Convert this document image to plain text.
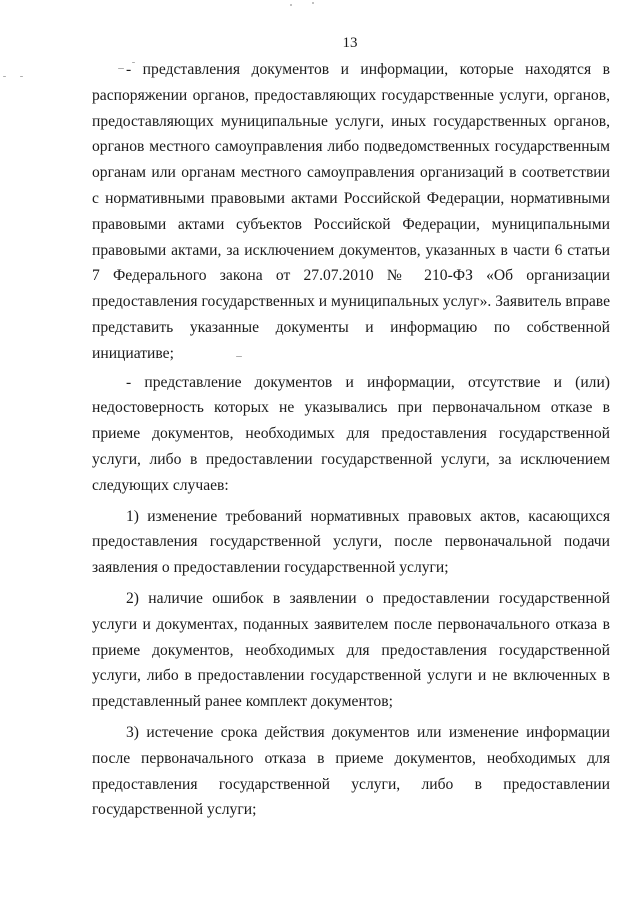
13

- представления документов и информации, которые находятся в распоряжении органов, предоставляющих государственные услуги, органов, предоставляющих муниципальные услуги, иных государственных органов, органов местного самоуправления либо подведомственных государственным органам или органам местного самоуправления организаций в соответствии с нормативными правовыми актами Российской Федерации, нормативными правовыми актами субъектов Российской Федерации, муниципальными правовыми актами, за исключением документов, указанных в части 6 статьи 7 Федерального закона от 27.07.2010 № 210-ФЗ «Об организации предоставления государственных и муниципальных услуг». Заявитель вправе представить указанные документы и информацию по собственной инициативе;

- представление документов и информации, отсутствие и (или) недостоверность которых не указывались при первоначальном отказе в приеме документов, необходимых для предоставления государственной услуги, либо в предоставлении государственной услуги, за исключением следующих случаев:

1) изменение требований нормативных правовых актов, касающихся предоставления государственной услуги, после первоначальной подачи заявления о предоставлении государственной услуги;

2) наличие ошибок в заявлении о предоставлении государственной услуги и документах, поданных заявителем после первоначального отказа в приеме документов, необходимых для предоставления государственной услуги, либо в предоставлении государственной услуги и не включенных в представленный ранее комплект документов;

3) истечение срока действия документов или изменение информации после первоначального отказа в приеме документов, необходимых для предоставления государственной услуги, либо в предоставлении государственной услуги;
